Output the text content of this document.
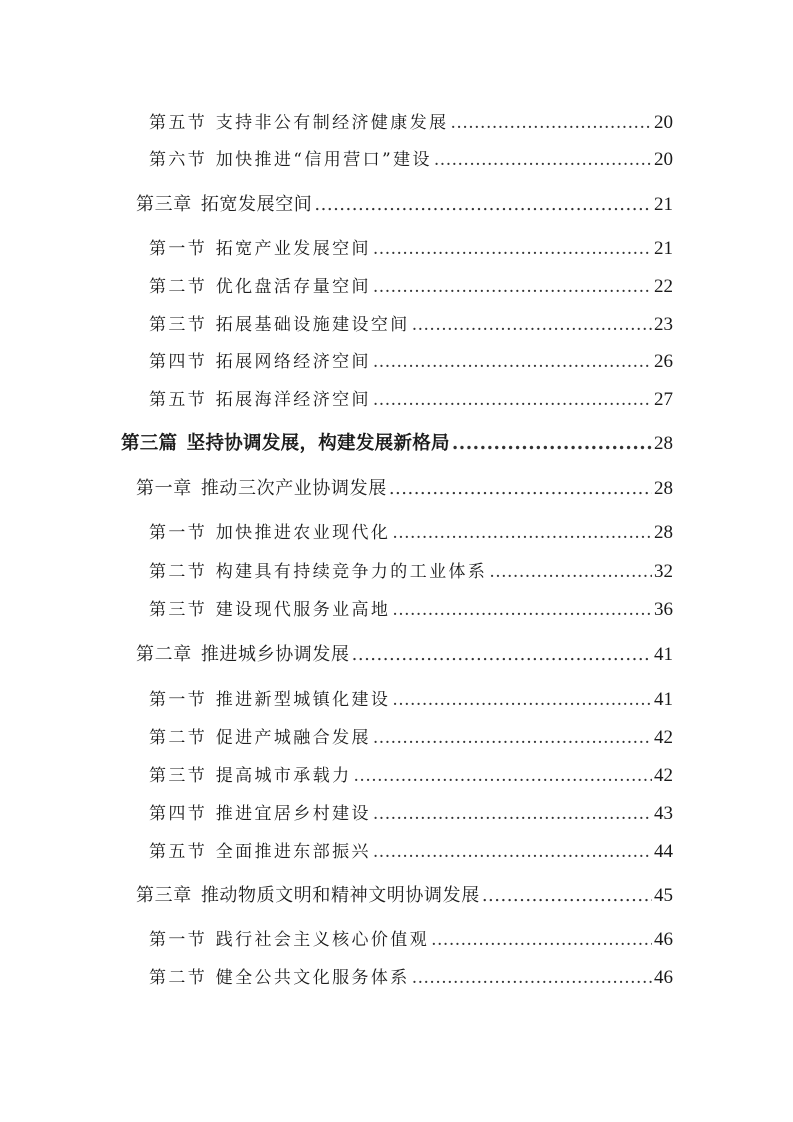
第五节 支持非公有制经济健康发展 .....	20
第六节 加快推进“信用营口”建设 .....	20
第三章 拓宽发展空间 .....	21
第一节 拓宽产业发展空间 .....	21
第二节 优化盘活存量空间 .....	22
第三节 拓展基础设施建设空间 .....	23
第四节 拓展网络经济空间 .....	26
第五节 拓展海洋经济空间 .....	27
第三篇 坚持协调发展，构建发展新格局 .....	28
第一章 推动三次产业协调发展 .....	28
第一节 加快推进农业现代化 .....	28
第二节 构建具有持续竞争力的工业体系 .....	32
第三节 建设现代服务业高地 .....	36
第二章 推进城乡协调发展 .....	41
第一节 推进新型城镇化建设 .....	41
第二节 促进产城融合发展 .....	42
第三节 提高城市承载力 .....	42
第四节 推进宜居乡村建设 .....	43
第五节 全面推进东部振兴 .....	44
第三章 推动物质文明和精神文明协调发展 .....	45
第一节 践行社会主义核心价值观 .....	46
第二节 健全公共文化服务体系 .....	46
